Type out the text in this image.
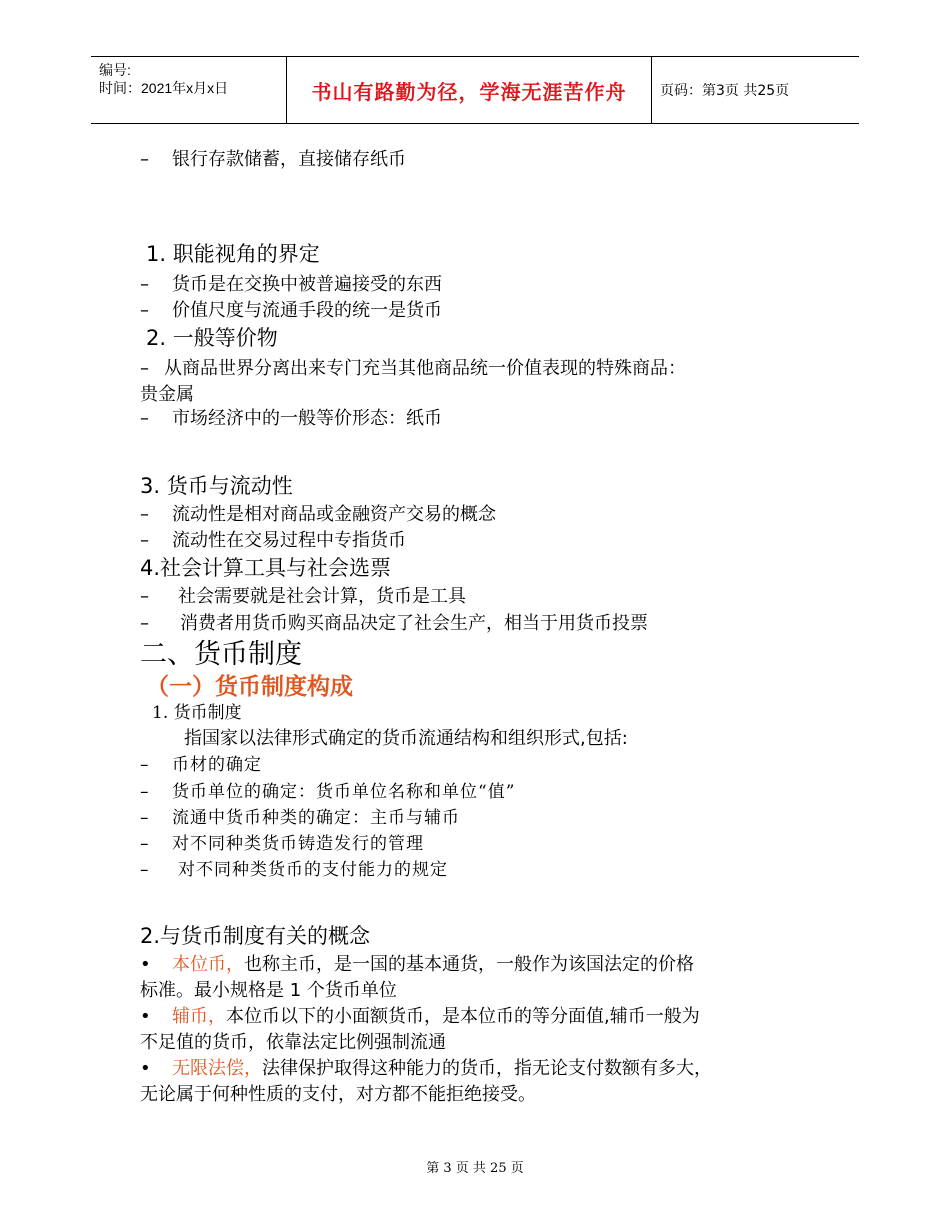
编号:
时间：2021年x月x日	书山有路勤为径，学海无涯苦作舟	页码：第3页 共25页
– 银行存款储蓄，直接储存纸币
1. 职能视角的界定
– 货币是在交换中被普遍接受的东西
– 价值尺度与流通手段的统一是货币
2. 一般等价物
– 从商品世界分离出来专门充当其他商品统一价值表现的特殊商品：
贵金属
– 市场经济中的一般等价形态：纸币
3. 货币与流动性
– 流动性是相对商品或金融资产交易的概念
– 流动性在交易过程中专指货币
4.社会计算工具与社会选票
– 社会需要就是社会计算，货币是工具
– 消费者用货币购买商品决定了社会生产，相当于用货币投票
二、货币制度
（一）货币制度构成
1. 货币制度
指国家以法律形式确定的货币流通结构和组织形式,包括:
– 币材的确定
– 货币单位的确定：货币单位名称和单位“值”
– 流通中货币种类的确定：主币与辅币
– 对不同种类货币铸造发行的管理
– 对不同种类货币的支付能力的规定
2.与货币制度有关的概念
• 本位币，也称主币，是一国的基本通货，一般作为该国法定的价格
标准。最小规格是 1 个货币单位
• 辅币，本位币以下的小面额货币，是本位币的等分面值,辅币一般为
不足值的货币，依靠法定比例强制流通
• 无限法偿，法律保护取得这种能力的货币，指无论支付数额有多大，
无论属于何种性质的支付，对方都不能拒绝接受。
第 3 页 共 25 页
